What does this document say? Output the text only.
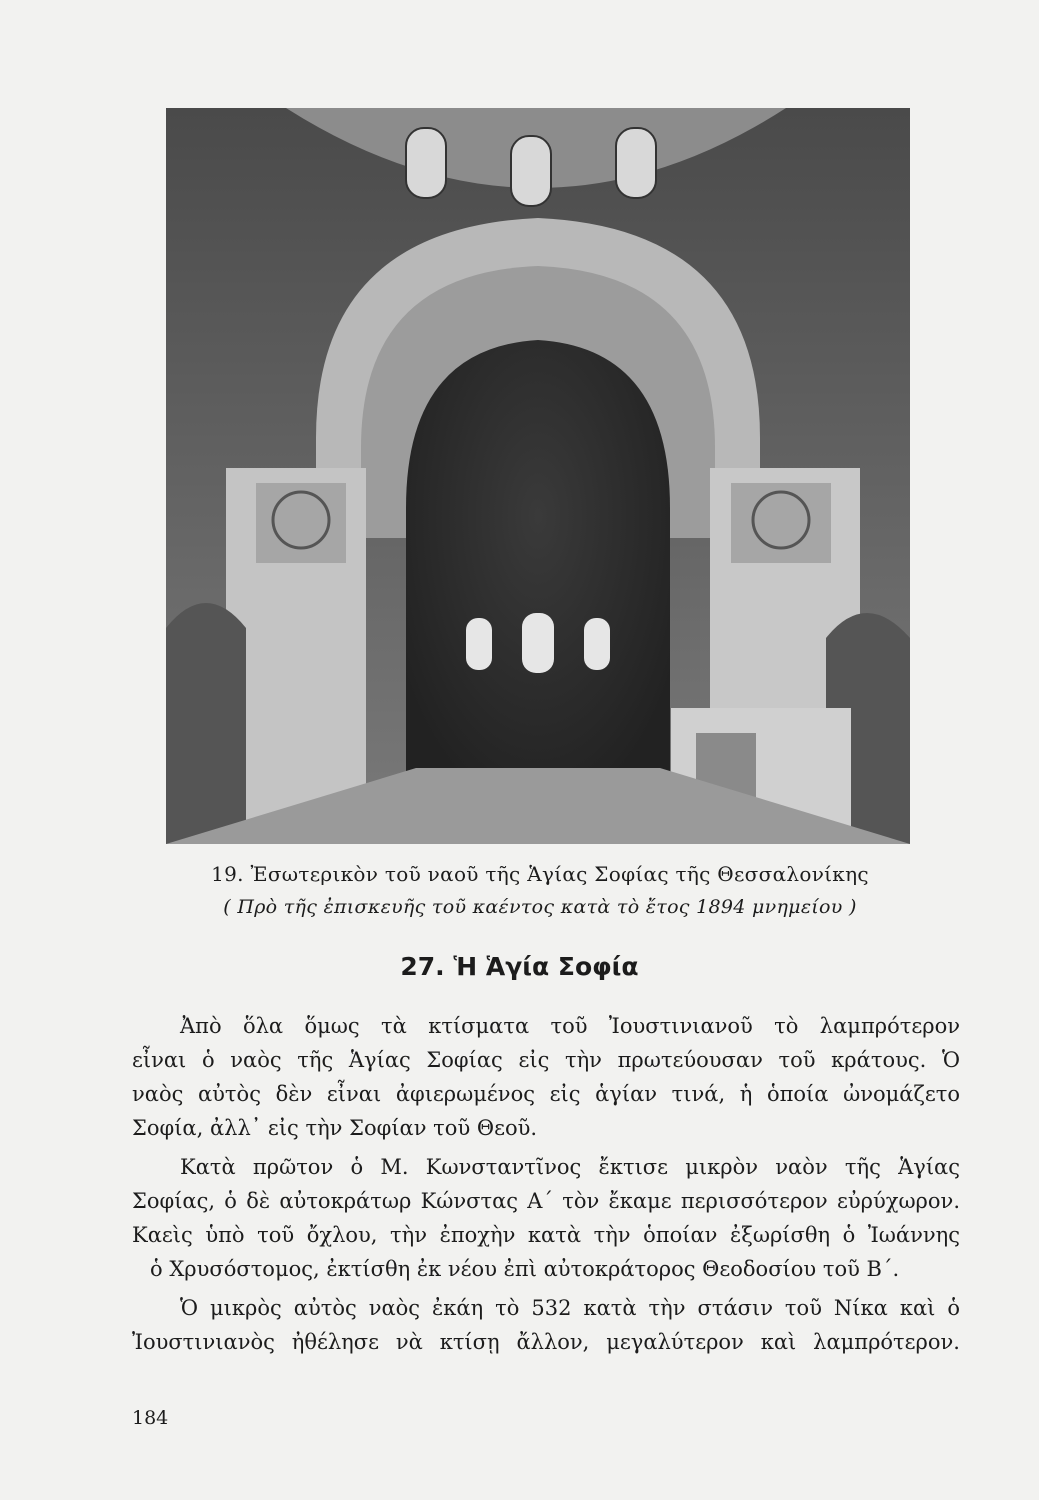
19. Ἐσωτερικὸν τοῦ ναοῦ τῆς Ἁγίας Σοφίας τῆς Θεσσαλονίκης
( Πρὸ τῆς ἐπισκευῆς τοῦ καέντος κατὰ τὸ ἔτος 1894 μνημείου )
27. Ἡ Ἁγία Σοφία
Ἀπὸ ὅλα ὅμως τὰ κτίσματα τοῦ Ἰουστινιανοῦ τὸ λαμπρότερον
εἶναι ὁ ναὸς τῆς Ἁγίας Σοφίας εἰς τὴν πρωτεύουσαν τοῦ κράτους. Ὁ
ναὸς αὐτὸς δὲν εἶναι ἀφιερωμένος εἰς ἁγίαν τινά, ἡ ὁποία ὠνομάζετο
Σοφία, ἀλλ᾽ εἰς τὴν Σοφίαν τοῦ Θεοῦ.
Κατὰ πρῶτον ὁ Μ. Κωνσταντῖνος ἔκτισε μικρὸν ναὸν τῆς Ἁγίας
Σοφίας, ὁ δὲ αὐτοκράτωρ Κώνστας Α΄ τὸν ἔκαμε περισσότερον εὐρύχωρον.
Καεὶς ὑπὸ τοῦ ὄχλου, τὴν ἐποχὴν κατὰ τὴν ὁποίαν ἐξωρίσθη ὁ Ἰωάννης
ὁ Χρυσόστομος, ἐκτίσθη ἐκ νέου ἐπὶ αὐτοκράτορος Θεοδοσίου τοῦ Β΄.
Ὁ μικρὸς αὐτὸς ναὸς ἐκάη τὸ 532 κατὰ τὴν στάσιν τοῦ Νίκα καὶ ὁ
Ἰουστινιανὸς ἠθέλησε νὰ κτίσῃ ἄλλον, μεγαλύτερον καὶ λαμπρότερον.
184
